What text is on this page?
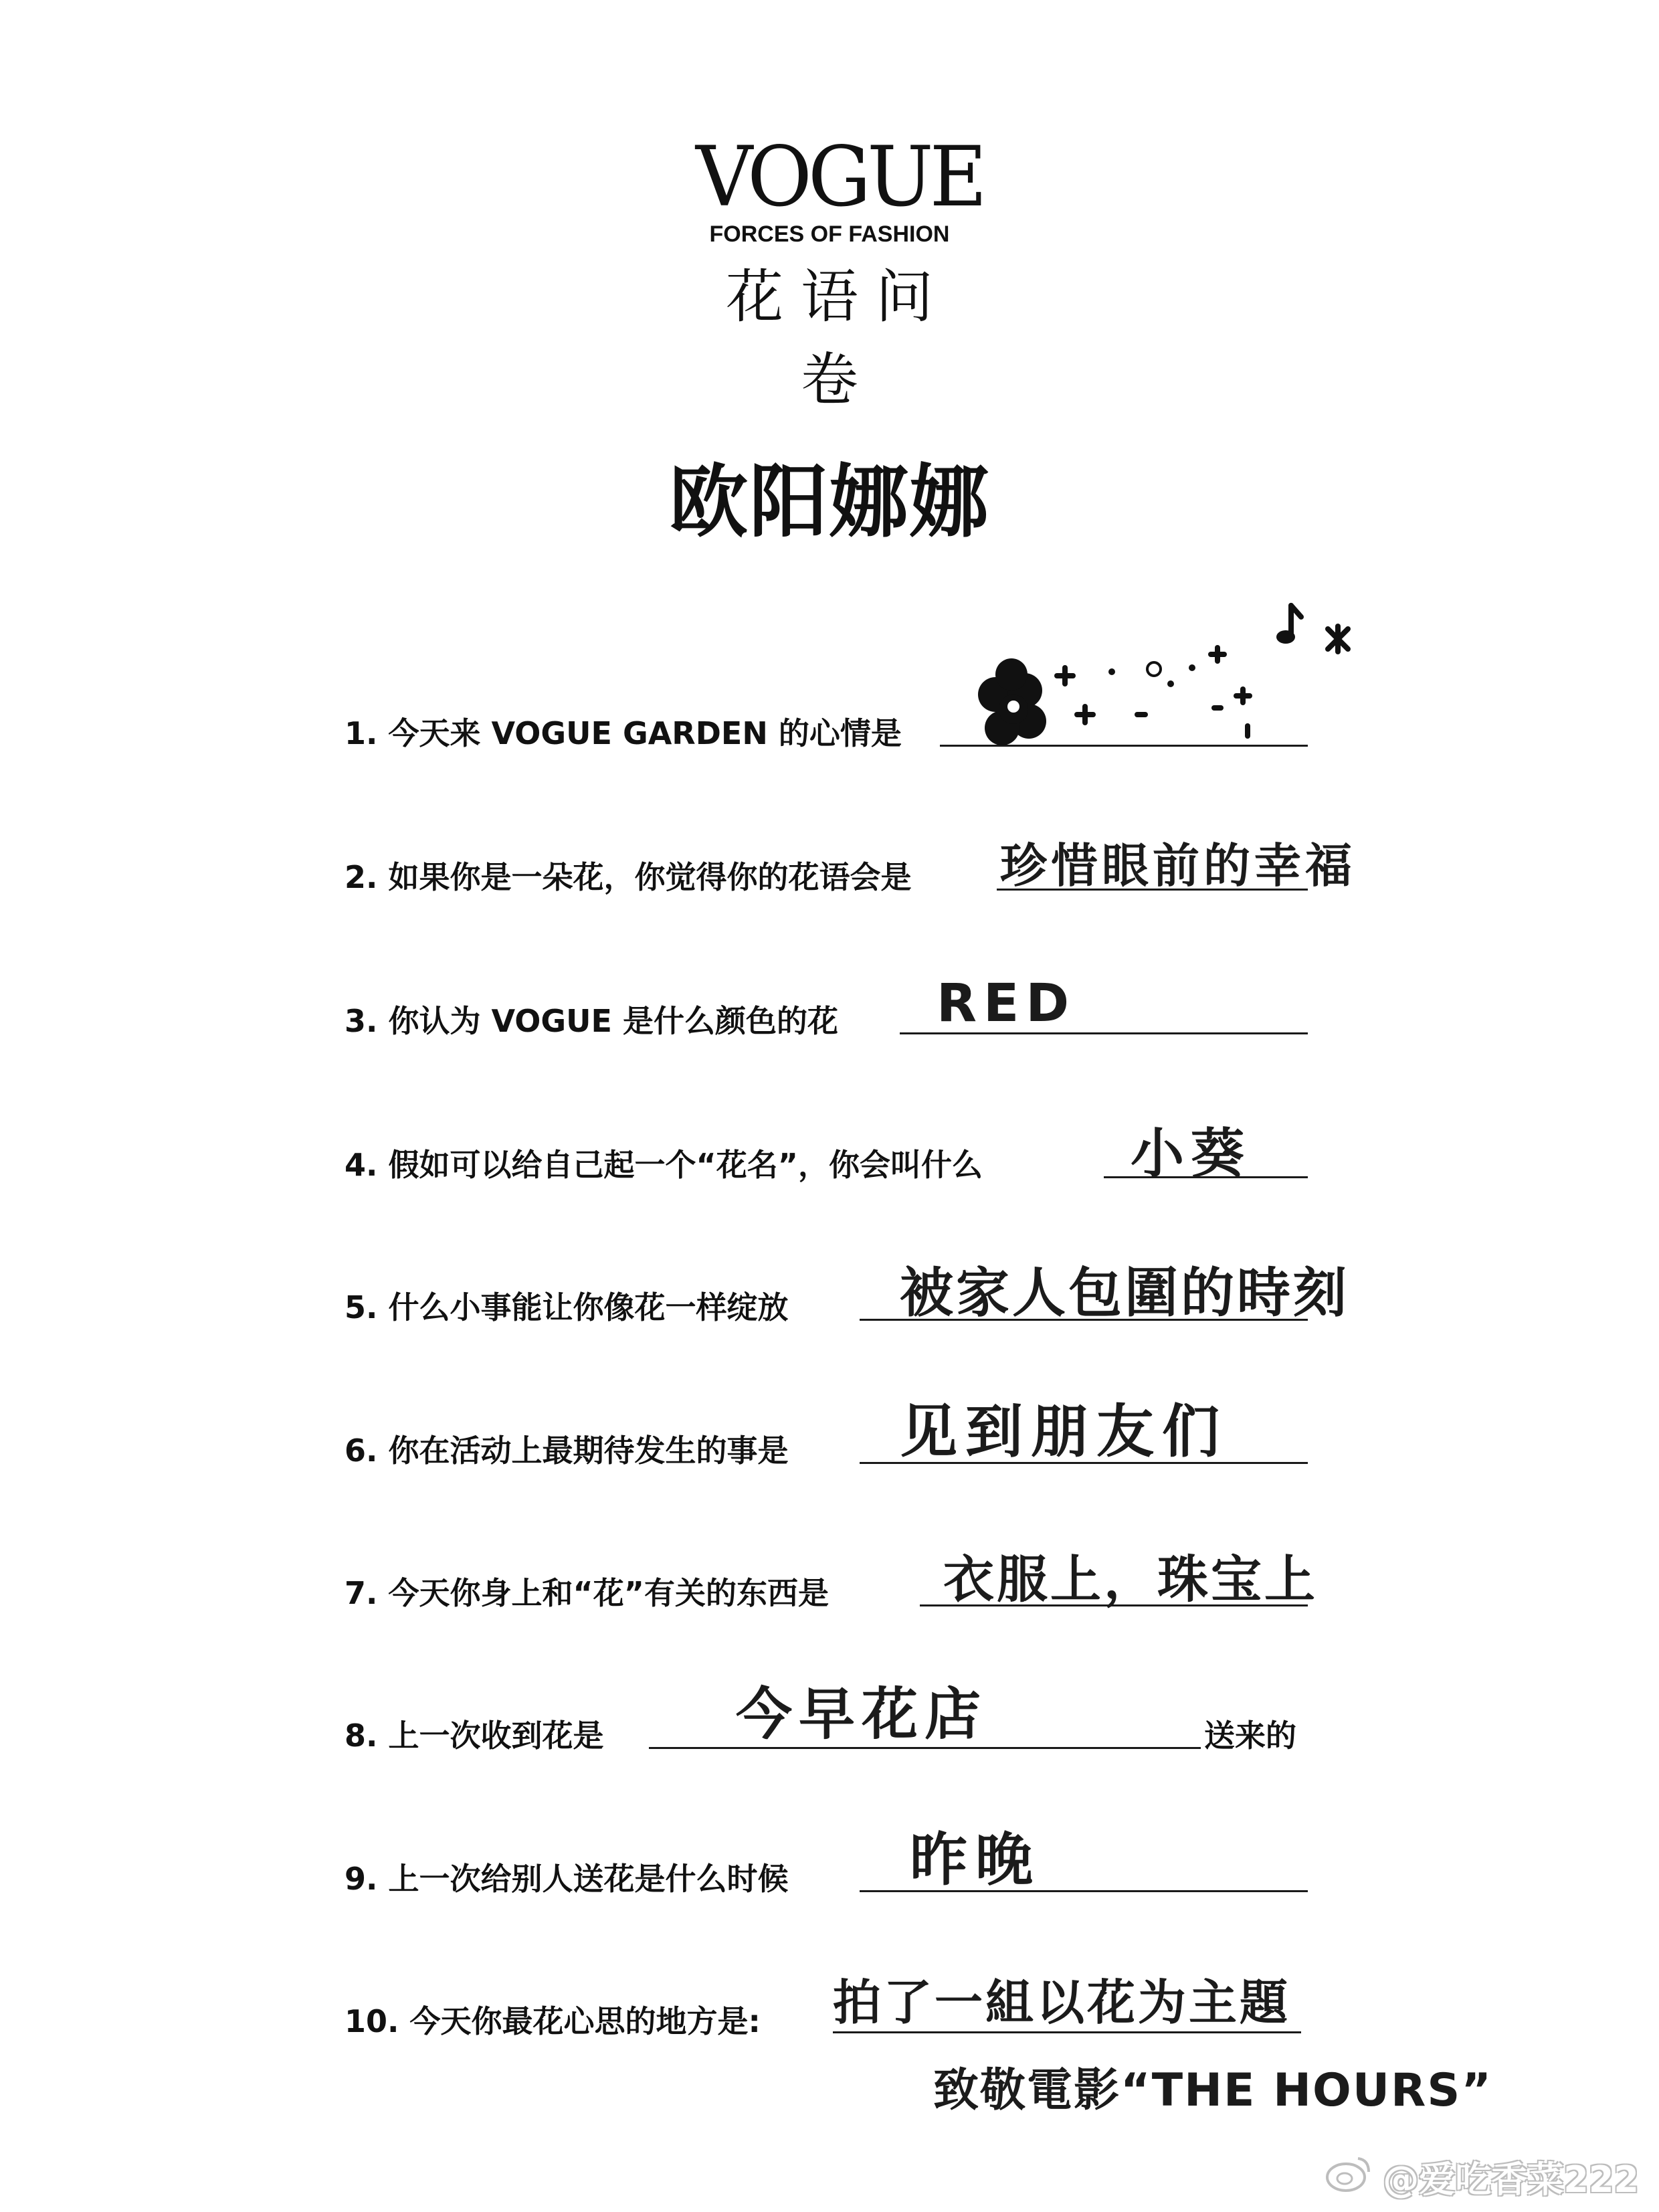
VOGUE
FORCES OF FASHION
花语问卷
欧阳娜娜
1. 今天来 VOGUE GARDEN 的心情是
2. 如果你是一朵花，你觉得你的花语会是 珍惜眼前的幸福
3. 你认为 VOGUE 是什么颜色的花 RED
4. 假如可以给自己起一个“花名”，你会叫什么	小葵
5. 什么小事能让你像花一样绽放 被家人包圍的時刻
6. 你在活动上最期待发生的事是 见到朋友们
7. 今天你身上和“花”有关的东西是 衣服上，珠宝上
8. 上一次收到花是 今早花店	送来的
9. 上一次给别人送花是什么时候 昨晚
10. 今天你最花心思的地方是: 拍了一組以花为主題
致敬電影“THE HOURS”
@爱吃香菜222
